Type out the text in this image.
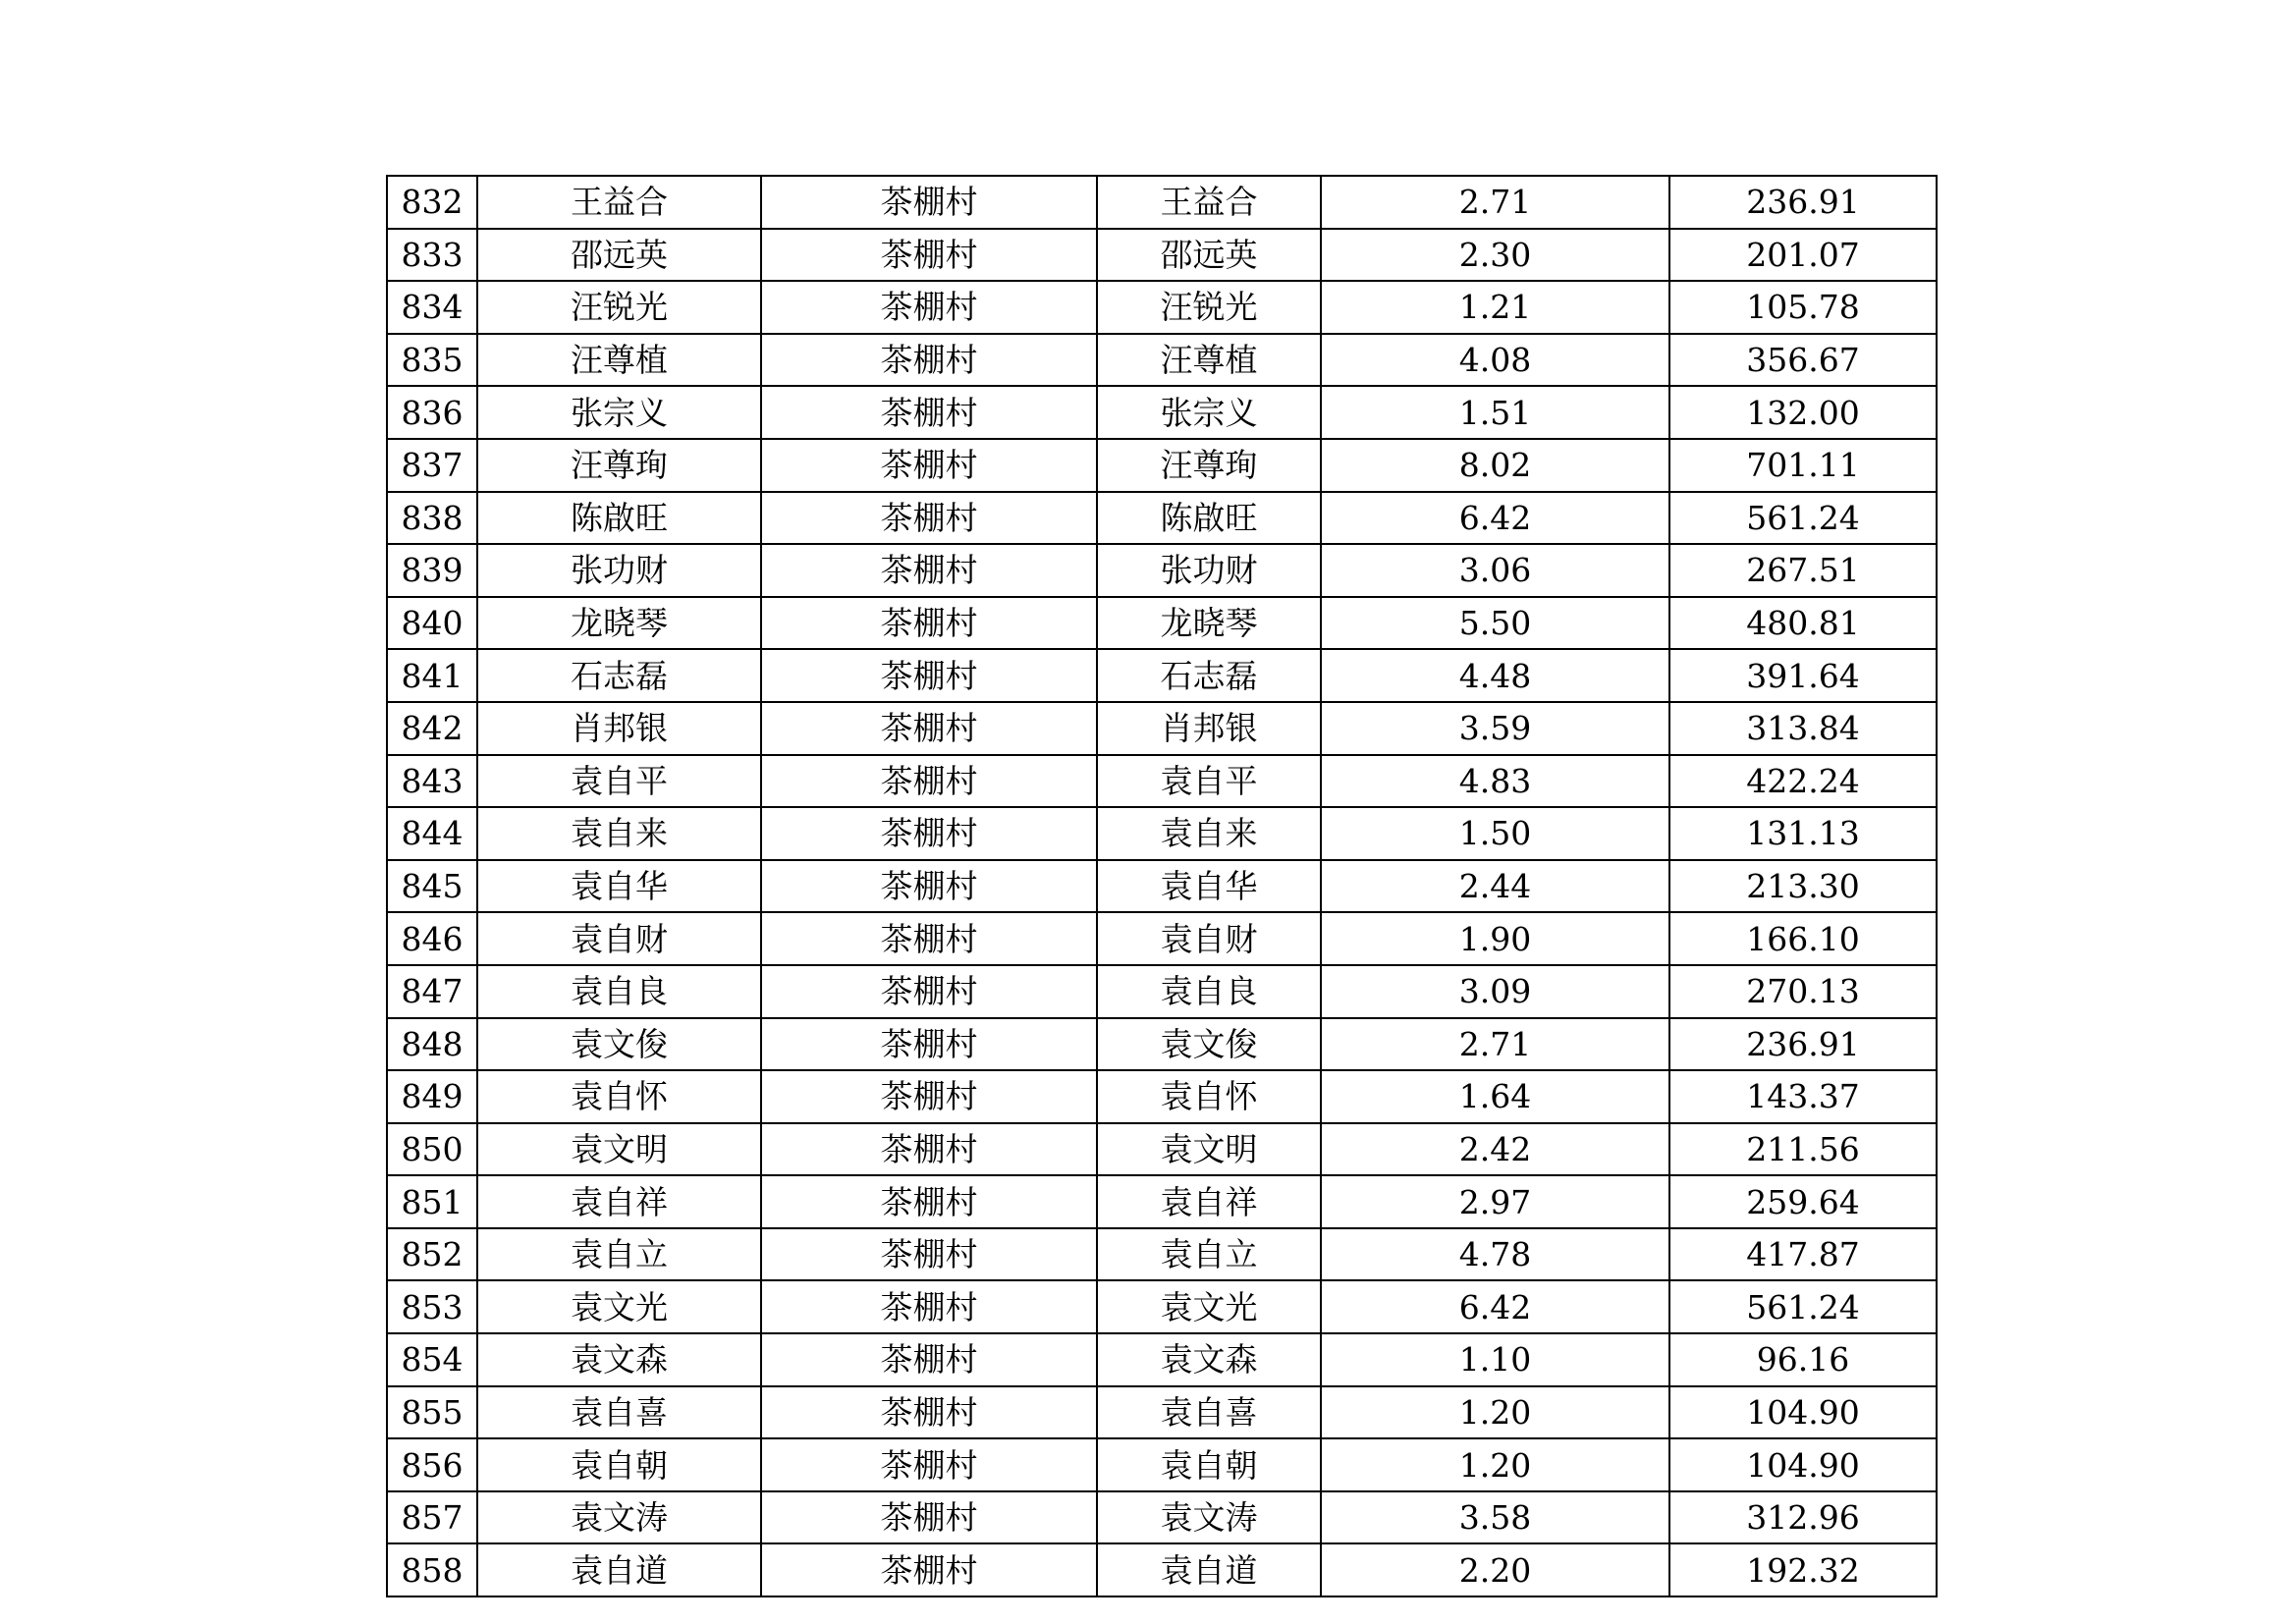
832	王益合	茶棚村	王益合	2.71	236.91
833	邵远英	茶棚村	邵远英	2.30	201.07
834	汪锐光	茶棚村	汪锐光	1.21	105.78
835	汪尊植	茶棚村	汪尊植	4.08	356.67
836	张宗义	茶棚村	张宗义	1.51	132.00
837	汪尊珣	茶棚村	汪尊珣	8.02	701.11
838	陈啟旺	茶棚村	陈啟旺	6.42	561.24
839	张功财	茶棚村	张功财	3.06	267.51
840	龙晓琴	茶棚村	龙晓琴	5.50	480.81
841	石志磊	茶棚村	石志磊	4.48	391.64
842	肖邦银	茶棚村	肖邦银	3.59	313.84
843	袁自平	茶棚村	袁自平	4.83	422.24
844	袁自来	茶棚村	袁自来	1.50	131.13
845	袁自华	茶棚村	袁自华	2.44	213.30
846	袁自财	茶棚村	袁自财	1.90	166.10
847	袁自良	茶棚村	袁自良	3.09	270.13
848	袁文俊	茶棚村	袁文俊	2.71	236.91
849	袁自怀	茶棚村	袁自怀	1.64	143.37
850	袁文明	茶棚村	袁文明	2.42	211.56
851	袁自祥	茶棚村	袁自祥	2.97	259.64
852	袁自立	茶棚村	袁自立	4.78	417.87
853	袁文光	茶棚村	袁文光	6.42	561.24
854	袁文森	茶棚村	袁文森	1.10	96.16
855	袁自喜	茶棚村	袁自喜	1.20	104.90
856	袁自朝	茶棚村	袁自朝	1.20	104.90
857	袁文涛	茶棚村	袁文涛	3.58	312.96
858	袁自道	茶棚村	袁自道	2.20	192.32
